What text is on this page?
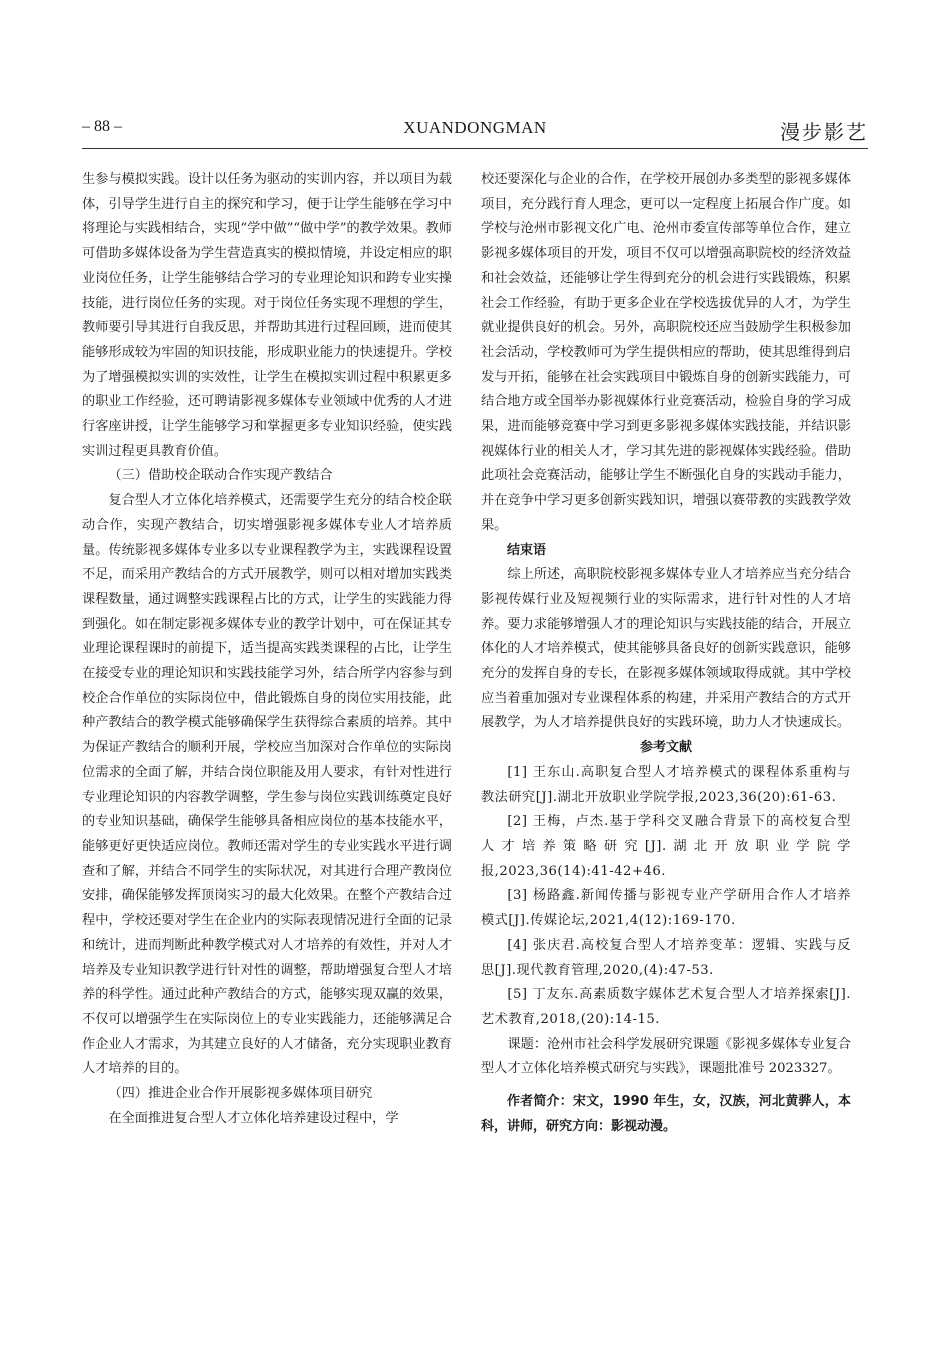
– 88 –	XUANDONGMAN	漫步影艺

生参与模拟实践。设计以任务为驱动的实训内容，并以项目为载体，引导学生进行自主的探究和学习，便于让学生能够在学习中将理论与实践相结合，实现“学中做”“做中学”的教学效果。教师可借助多媒体设备为学生营造真实的模拟情境，并设定相应的职业岗位任务，让学生能够结合学习的专业理论知识和跨专业实操技能，进行岗位任务的实现。对于岗位任务实现不理想的学生，教师要引导其进行自我反思，并帮助其进行过程回顾，进而使其能够形成较为牢固的知识技能，形成职业能力的快速提升。学校为了增强模拟实训的实效性，让学生在模拟实训过程中积累更多的职业工作经验，还可聘请影视多媒体专业领域中优秀的人才进行客座讲授，让学生能够学习和掌握更多专业知识经验，使实践实训过程更具教育价值。

（三）借助校企联动合作实现产教结合

复合型人才立体化培养模式，还需要学生充分的结合校企联动合作，实现产教结合，切实增强影视多媒体专业人才培养质量。传统影视多媒体专业多以专业课程教学为主，实践课程设置不足，而采用产教结合的方式开展教学，则可以相对增加实践类课程数量，通过调整实践课程占比的方式，让学生的实践能力得到强化。如在制定影视多媒体专业的教学计划中，可在保证其专业理论课程课时的前提下，适当提高实践类课程的占比，让学生在接受专业的理论知识和实践技能学习外，结合所学内容参与到校企合作单位的实际岗位中，借此锻炼自身的岗位实用技能，此种产教结合的教学模式能够确保学生获得综合素质的培养。其中为保证产教结合的顺利开展，学校应当加深对合作单位的实际岗位需求的全面了解，并结合岗位职能及用人要求，有针对性进行专业理论知识的内容教学调整，学生参与岗位实践训练奠定良好的专业知识基础，确保学生能够具备相应岗位的基本技能水平，能够更好更快适应岗位。教师还需对学生的专业实践水平进行调查和了解，并结合不同学生的实际状况，对其进行合理产教岗位安排，确保能够发挥顶岗实习的最大化效果。在整个产教结合过程中，学校还要对学生在企业内的实际表现情况进行全面的记录和统计，进而判断此种教学模式对人才培养的有效性，并对人才培养及专业知识教学进行针对性的调整，帮助增强复合型人才培养的科学性。通过此种产教结合的方式，能够实现双赢的效果，不仅可以增强学生在实际岗位上的专业实践能力，还能够满足合作企业人才需求，为其建立良好的人才储备，充分实现职业教育人才培养的目的。

（四）推进企业合作开展影视多媒体项目研究

在全面推进复合型人才立体化培养建设过程中，学

校还要深化与企业的合作，在学校开展创办多类型的影视多媒体项目，充分践行育人理念，更可以一定程度上拓展合作广度。如学校与沧州市影视文化广电、沧州市委宣传部等单位合作，建立影视多媒体项目的开发，项目不仅可以增强高职院校的经济效益和社会效益，还能够让学生得到充分的机会进行实践锻炼，积累社会工作经验，有助于更多企业在学校选拔优异的人才，为学生就业提供良好的机会。另外，高职院校还应当鼓励学生积极参加社会活动，学校教师可为学生提供相应的帮助，使其思维得到启发与开拓，能够在社会实践项目中锻炼自身的创新实践能力，可结合地方或全国举办影视媒体行业竞赛活动，检验自身的学习成果，进而能够竞赛中学习到更多影视多媒体实践技能，并结识影视媒体行业的相关人才，学习其先进的影视媒体实践经验。借助此项社会竞赛活动，能够让学生不断强化自身的实践动手能力，并在竞争中学习更多创新实践知识，增强以赛带教的实践教学效果。

结束语

综上所述，高职院校影视多媒体专业人才培养应当充分结合影视传媒行业及短视频行业的实际需求，进行针对性的人才培养。要力求能够增强人才的理论知识与实践技能的结合，开展立体化的人才培养模式，使其能够具备良好的创新实践意识，能够充分的发挥自身的专长，在影视多媒体领域取得成就。其中学校应当着重加强对专业课程体系的构建，并采用产教结合的方式开展教学，为人才培养提供良好的实践环境，助力人才快速成长。

参考文献

[1] 王东山.高职复合型人才培养模式的课程体系重构与教法研究[J].湖北开放职业学院学报,2023,36(20):61-63.

[2] 王梅，卢杰.基于学科交叉融合背景下的高校复合型人才培养策略研究[J].湖北开放职业学院学报,2023,36(14):41-42+46.

[3] 杨路鑫.新闻传播与影视专业产学研用合作人才培养模式[J].传媒论坛,2021,4(12):169-170.

[4] 张庆君.高校复合型人才培养变革：逻辑、实践与反思[J].现代教育管理,2020,(4):47-53.

[5] 丁友东.高素质数字媒体艺术复合型人才培养探索[J].艺术教育,2018,(20):14-15.

课题：沧州市社会科学发展研究课题《影视多媒体专业复合型人才立体化培养模式研究与实践》，课题批准号 2023327。

作者简介：宋文，1990 年生，女，汉族，河北黄骅人，本科，讲师，研究方向：影视动漫。
